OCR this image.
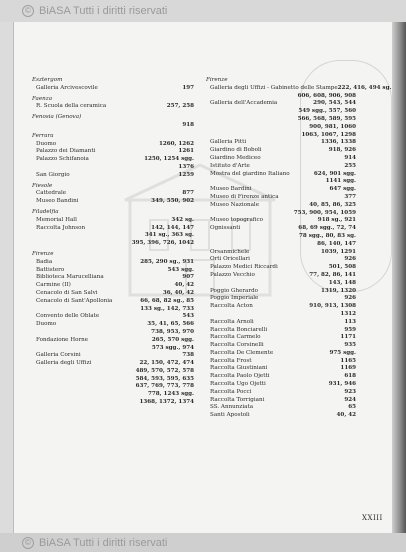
© BiASA Tutti i diritti riservati
Esztergom
Galleria Arcivescovile	197
Faenza
R. Scuola della ceramica	257, 258
Fenosia (Genova)
918
Ferrara
Duomo	1260, 1262
Palazzo dei Diamanti	1261
Palazzo Schifanoia	1250, 1254 sgg.
1376
San Giorgio	1259
Fiesole
Cattedrale	877
Museo Bandini	349, 550, 902
Filadelfia
Memorial Hall	342 sg.
Raccolta Johnson	142, 144, 147
341 sg., 363 sg.
395, 396, 726, 1042
Firenze
Badia	285, 290 sg., 931
Battistero	543 sgg.
Biblioteca Marucelliana	907
Carmine (II)	40, 42
Cenacolo di San Salvi	36, 40, 42
Cenacolo di Sant'Apollonia	66, 68, 82 sg., 85
133 sg., 142, 733
Convento delle Oblate	543
Duomo	35, 41, 65, 566
738, 953, 970
Fondazione Horne	265, 570 sgg.
573 sgg., 974
Galleria Corsini	738
Galleria degli Uffizi	22, 150, 472, 474
489, 570, 572, 578
584, 593, 595, 635
637, 769, 773, 778
778, 1243 sgg.
1368, 1372, 1374
Firenze
Galleria degli Uffizi - Gabinetto delle Stampe 222, 416, 494 sg.
606, 608, 906, 908
Galleria dell'Accademia	290, 543, 544
549 sgg., 557, 560
566, 568, 589, 595
900, 981, 1060
1063, 1067, 1298
Galleria Pitti	1336, 1338
Giardino di Boboli	918, 926
Giardino Mediceo	914
Istituto d'Arte	255
Mostra del giardino Italiano	624, 901 sgg.
1141 sgg.
Museo Bardini	647 sgg.
Museo di Firenze antica	377
Museo Nazionale	40, 85, 86, 325
753, 900, 954, 1059
Museo topografico	918 sg., 921
Ognissanti	68, 69 sgg., 72, 74
78 sgg., 80, 83 sg.
86, 140, 147
Orsanmichele	1039, 1291
Orti Oricellari	926
Palazzo Medici Riccardi	501, 508
Palazzo Vecchio	77, 82, 86, 141
143, 148
Poggio Gherardo	1319, 1320
Poggio Imperiale	926
Raccolta Acton	910, 913, 1308
1312
Raccolta Arnoli	113
Raccolta Bonciarelli	959
Raccolta Carmelo	1171
Raccolta Corsinelli	935
Raccolta De Clemente	975 sgg.
Raccolta Frost	1165
Raccolta Giustiniani	1169
Raccolta Paolo Ojetti	618
Raccolta Ugo Ojetti	931, 946
Raccolta Pocci	923
Raccolta Torrigiani	924
SS. Annunziata	65
Santi Apostoli	40, 42
XXIII
© BiASA Tutti i diritti riservati
